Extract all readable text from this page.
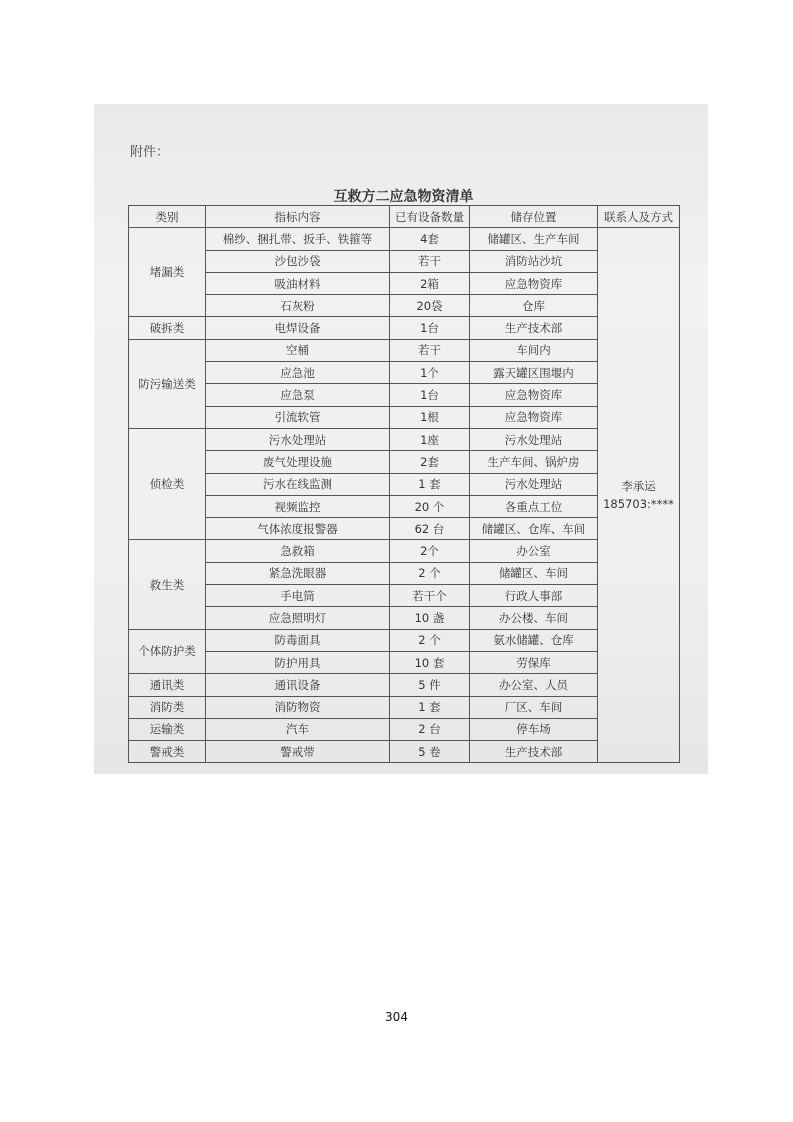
附件：
互救方二应急物资清单
类别	指标内容	已有设备数量	储存位置	联系人及方式
堵漏类	棉纱、捆扎带、扳手、铁箍等	4套	储罐区、生产车间	李承运
185703:****

	沙包沙袋	若干	消防站沙坑	
	吸油材料	2箱	应急物资库	
	石灰粉	20袋	仓库	
破拆类	电焊设备	1台	生产技术部	
防污输送类	空桶	若干	车间内	
	应急池	1个	露天罐区围堰内	
	应急泵	1台	应急物资库	
	引流软管	1根	应急物资库	
侦检类	污水处理站	1座	污水处理站	
	废气处理设施	2套	生产车间、锅炉房	
	污水在线监测	1 套	污水处理站	
	视频监控	20 个	各重点工位	
	气体浓度报警器	62 台	储罐区、仓库、车间	
救生类	急救箱	2个	办公室	
	紧急洗眼器	2 个	储罐区、车间	
	手电筒	若干个	行政人事部	
	应急照明灯	10 盏	办公楼、车间	
个体防护类	防毒面具	2 个	氨水储罐、仓库	
	防护用具	10 套	劳保库	
通讯类	通讯设备	5 件	办公室、人员	
消防类	消防物资	1 套	厂区、车间	
运输类	汽车	2 台	停车场	
警戒类	警戒带	5 卷	生产技术部	
304
